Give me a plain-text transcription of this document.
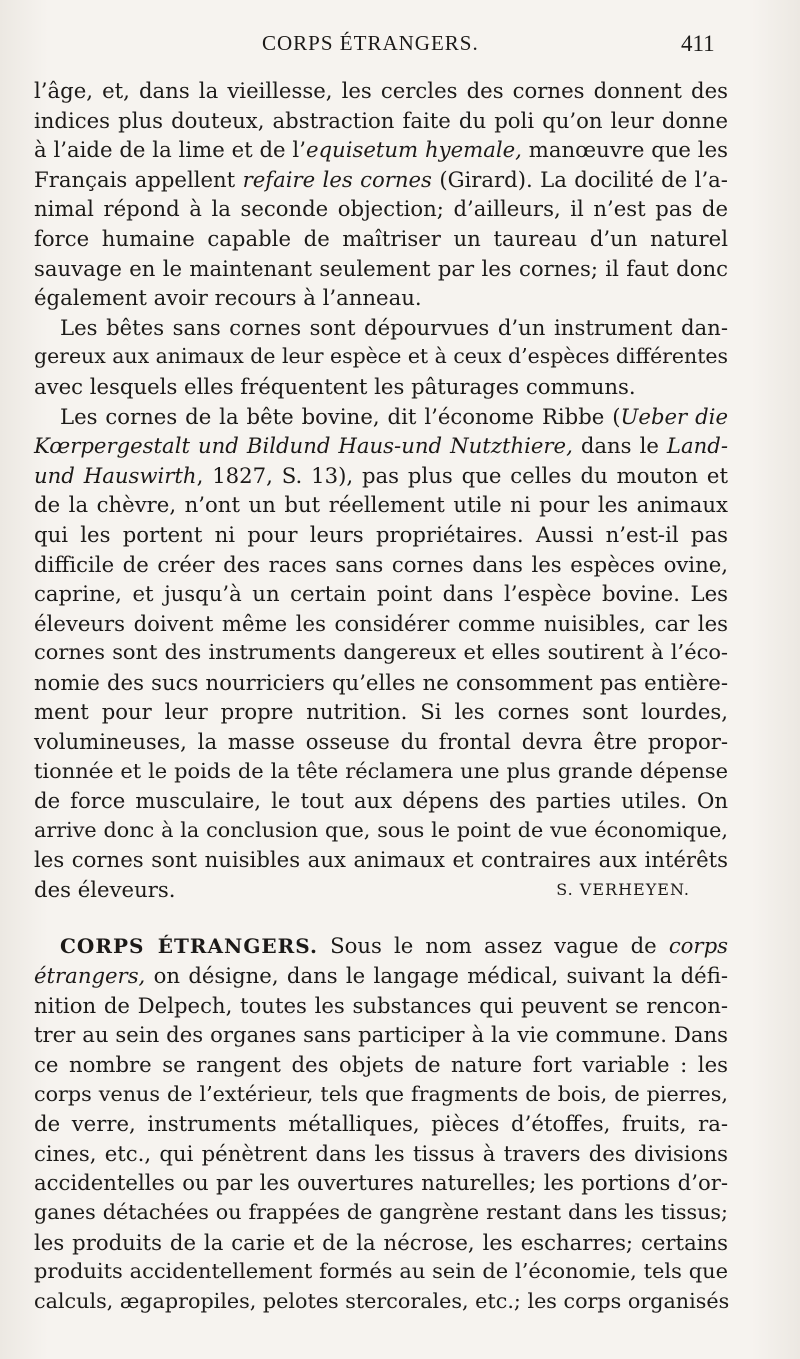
CORPS ÉTRANGERS.	411
l’âge, et, dans la vieillesse, les cercles des cornes donnent des
indices plus douteux, abstraction faite du poli qu’on leur donne
à l’aide de la lime et de l’equisetum hyemale, manœuvre que les
Français appellent refaire les cornes (Girard). La docilité de l’a-
nimal répond à la seconde objection; d’ailleurs, il n’est pas de
force humaine capable de maîtriser un taureau d’un naturel
sauvage en le maintenant seulement par les cornes; il faut donc
également avoir recours à l’anneau.
Les bêtes sans cornes sont dépourvues d’un instrument dan-
gereux aux animaux de leur espèce et à ceux d’espèces différentes
avec lesquels elles fréquentent les pâturages communs.
Les cornes de la bête bovine, dit l’économe Ribbe (Ueber die
Kœrpergestalt und Bildund Haus-und Nutzthiere, dans le Land-
und Hauswirth, 1827, S. 13), pas plus que celles du mouton et
de la chèvre, n’ont un but réellement utile ni pour les animaux
qui les portent ni pour leurs propriétaires. Aussi n’est-il pas
difficile de créer des races sans cornes dans les espèces ovine,
caprine, et jusqu’à un certain point dans l’espèce bovine. Les
éleveurs doivent même les considérer comme nuisibles, car les
cornes sont des instruments dangereux et elles soutirent à l’éco-
nomie des sucs nourriciers qu’elles ne consomment pas entière-
ment pour leur propre nutrition. Si les cornes sont lourdes,
volumineuses, la masse osseuse du frontal devra être propor-
tionnée et le poids de la tête réclamera une plus grande dépense
de force musculaire, le tout aux dépens des parties utiles. On
arrive donc à la conclusion que, sous le point de vue économique,
les cornes sont nuisibles aux animaux et contraires aux intérêts
des éleveurs.	S. VERHEYEN.
CORPS ÉTRANGERS. Sous le nom assez vague de corps
étrangers, on désigne, dans le langage médical, suivant la défi-
nition de Delpech, toutes les substances qui peuvent se rencon-
trer au sein des organes sans participer à la vie commune. Dans
ce nombre se rangent des objets de nature fort variable : les
corps venus de l’extérieur, tels que fragments de bois, de pierres,
de verre, instruments métalliques, pièces d’étoffes, fruits, ra-
cines, etc., qui pénètrent dans les tissus à travers des divisions
accidentelles ou par les ouvertures naturelles; les portions d’or-
ganes détachées ou frappées de gangrène restant dans les tissus;
les produits de la carie et de la nécrose, les escharres; certains
produits accidentellement formés au sein de l’économie, tels que
calculs, ægapropiles, pelotes stercorales, etc.; les corps organisés
